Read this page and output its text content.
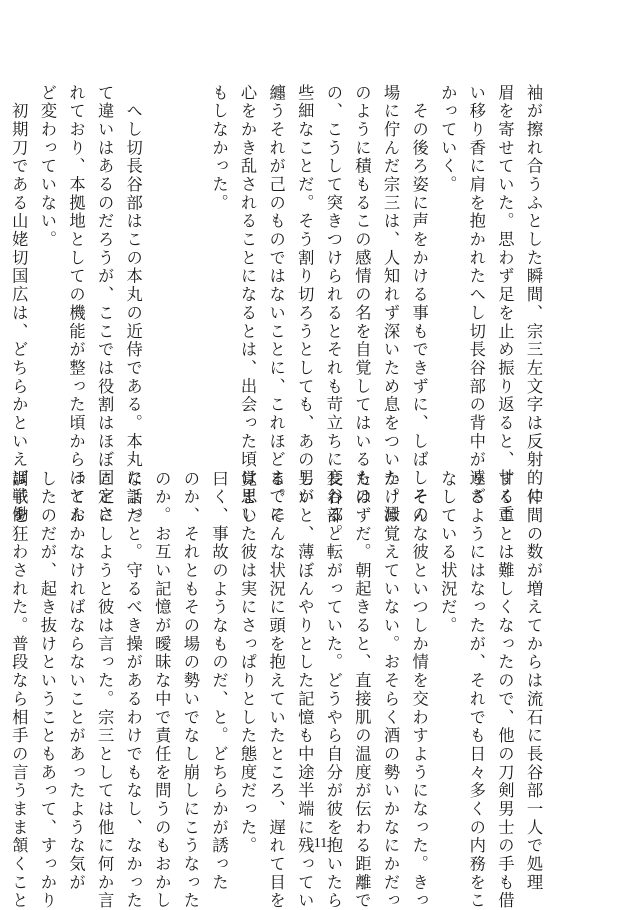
袖が擦れ合うふとした瞬間、宗三左文字は反射的に
眉を寄せていた。思わず足を止め振り返ると、甘く重
い移り香に肩を抱かれたへし切長谷部の背中が遠ざ
かっていく。
　その後ろ姿に声をかける事もできずに、しばしその
場に佇んだ宗三は、人知れず深いため息をついた。澱
のように積もるこの感情の名を自覚してはいるもの
の、こうして突きつけられるとそれも苛立ちに変わる。
些細なことだ。そう割り切ろうとしても、あの男が
纏うそれが己のものではないことに、これほどまでに
心をかき乱されることになるとは、出会った頃は思い
もしなかった。

　へし切長谷部はこの本丸の近侍である。本丸によっ
て違いはあるのだろうが、ここでは役割はほぼ固定さ
れており、本拠地としての機能が整った頃からほとん
ど変わっていない。
　初期刀である山姥切国広は、どちらかといえば戦働
　仲間の数が増えてからは流石に長谷部一人で処理
することは難しくなったので、他の刀剣男士の手も借
りるようにはなったが、それでも日々多くの内務をこ
なしている状況だ。
　そんな彼といつしか情を交わすようになった。きっ
かけは覚えていない。おそらく酒の勢いかなにかだっ
たはずだ。朝起きると、直接肌の温度が伝わる距離で
長谷部と転がっていた。どうやら自分が彼を抱いたら
しいと、薄ぼんやりとした記憶も中途半端に残ってい
る。そんな状況に頭を抱えていたところ、遅れて目を
覚ました彼は実にさっぱりとした態度だった。
曰く、事故のようなものだ、と。どちらかが誘った
のか、それともその場の勢いでなし崩しにこうなった
のか。お互い記憶が曖昧な中で責任を問うのもおかし
な話だと。守るべき操があるわけでもなし、なかった
ことにしようと彼は言った。宗三としては他に何か言
っておかなければならないことがあったような気が
したのだが、起き抜けということもあって、すっかり
調子を狂わされた。普段なら相手の言うまま頷くこと	11
